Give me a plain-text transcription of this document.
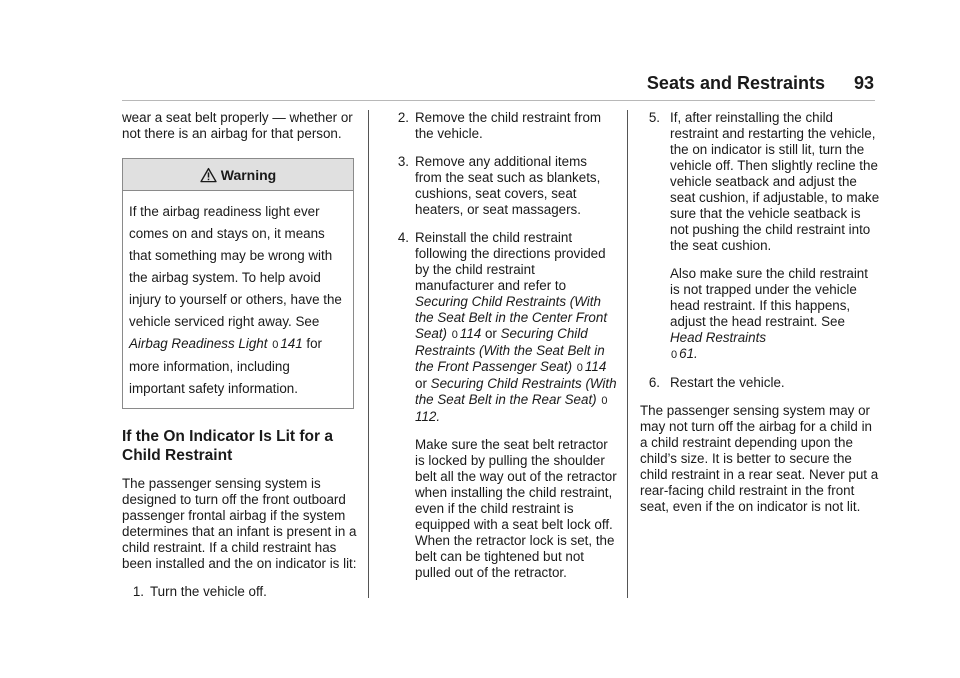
Seats and Restraints 93

wear a seat belt properly — whether or not there is an airbag for that person.

Warning
If the airbag readiness light ever comes on and stays on, it means that something may be wrong with the airbag system. To help avoid injury to yourself or others, have the vehicle serviced right away. See Airbag Readiness Light 0 141 for more information, including important safety information.
If the On Indicator Is Lit for a Child Restraint

The passenger sensing system is designed to turn off the front outboard passenger frontal airbag if the system determines that an infant is present in a child restraint. If a child restraint has been installed and the on indicator is lit:

1. Turn the vehicle off.
2. Remove the child restraint from the vehicle.
3. Remove any additional items from the seat such as blankets, cushions, seat covers, seat heaters, or seat massagers.
4. Reinstall the child restraint following the directions provided by the child restraint manufacturer and refer to Securing Child Restraints (With the Seat Belt in the Center Front Seat) 0 114 or Securing Child Restraints (With the Seat Belt in the Front Passenger Seat) 0 114 or Securing Child Restraints (With the Seat Belt in the Rear Seat) 0112.

Make sure the seat belt retractor is locked by pulling the shoulder belt all the way out of the retractor when installing the child restraint, even if the child restraint is equipped with a seat belt lock off. When the retractor lock is set, the belt can be tightened but not pulled out of the retractor.

5. If, after reinstalling the child restraint and restarting the vehicle, the on indicator is still lit, turn the vehicle off. Then slightly recline the vehicle seatback and adjust the seat cushion, if adjustable, to make sure that the vehicle seatback is not pushing the child restraint into the seat cushion.

Also make sure the child restraint is not trapped under the vehicle head restraint. If this happens, adjust the head restraint. See Head Restraints
0 61.

6. Restart the vehicle.

The passenger sensing system may or may not turn off the airbag for a child in a child restraint depending upon the child’s size. It is better to secure the child restraint in a rear seat. Never put a rear-facing child restraint in the front seat, even if the on indicator is not lit.
